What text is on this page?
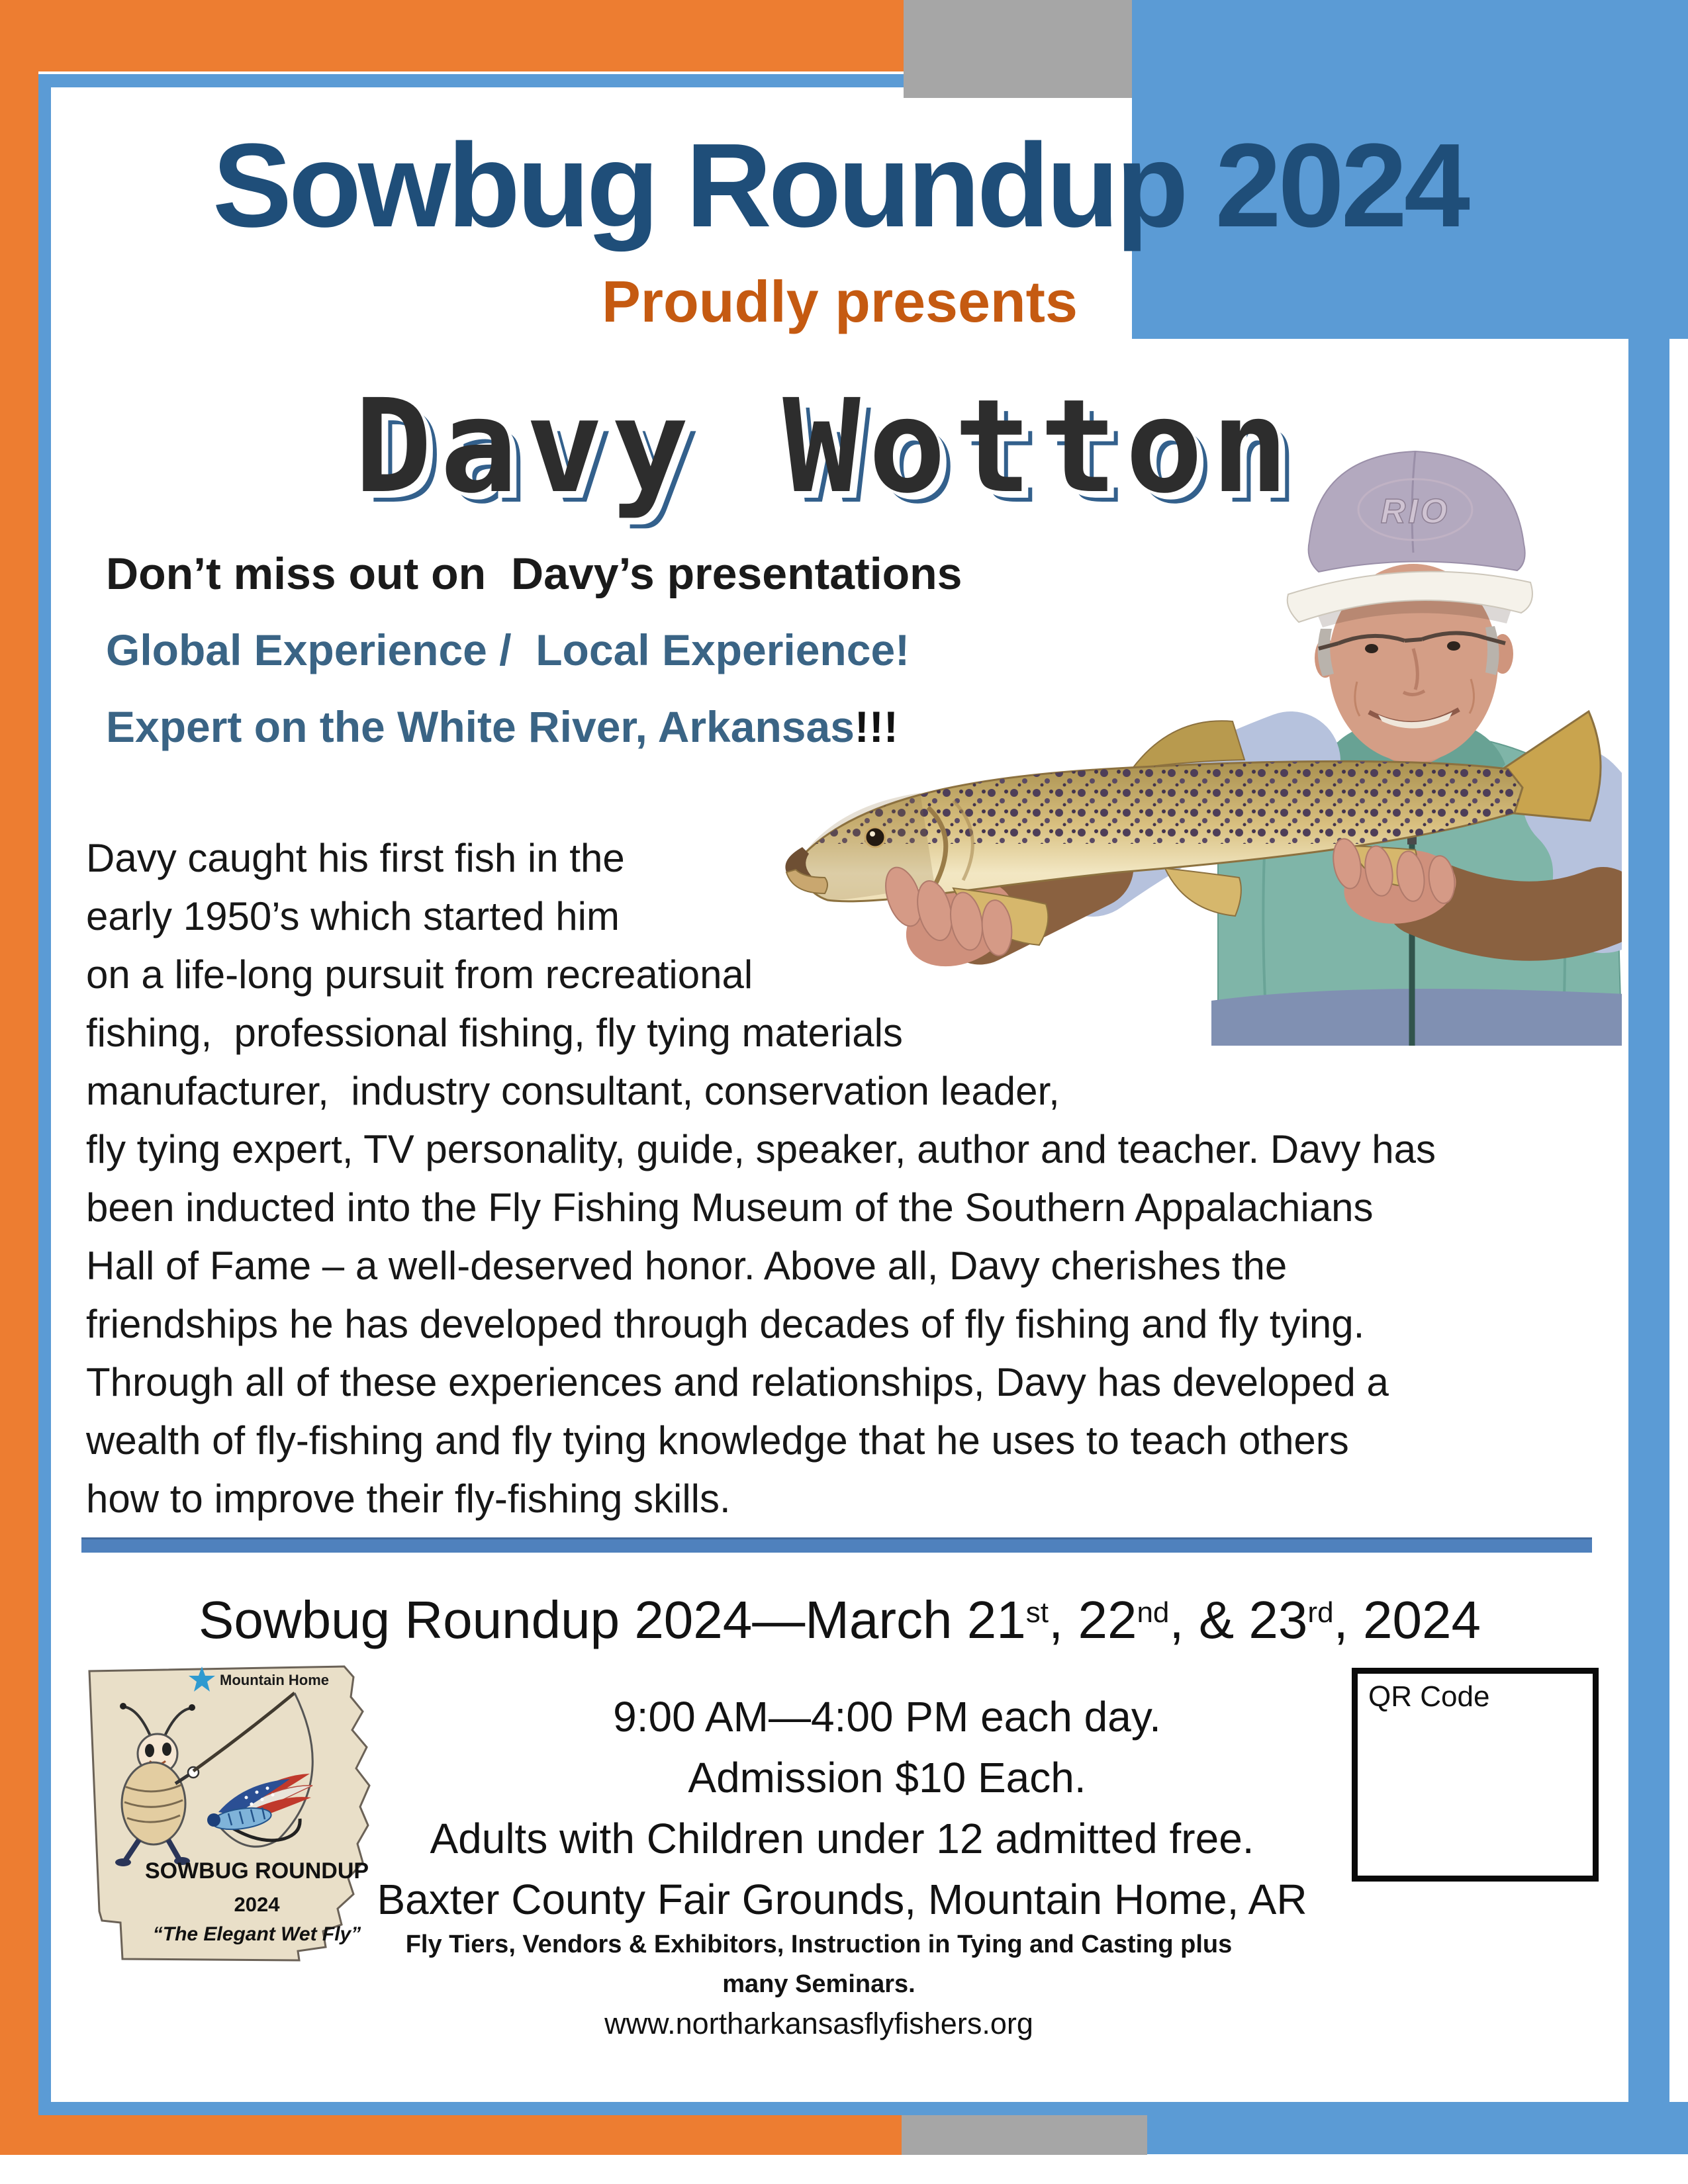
Sowbug Roundup 2024
Proudly presents
Davy Wotton
Don’t miss out on  Davy’s presentations
Global Experience /  Local Experience!
Expert on the White River, Arkansas!!!
RIO
Davy caught his first fish in the
early 1950’s which started him
on a life-long pursuit from recreational
fishing,  professional fishing, fly tying materials
manufacturer,  industry consultant, conservation leader,
fly tying expert, TV personality, guide, speaker, author and teacher. Davy has
been inducted into the Fly Fishing Museum of the Southern Appalachians
Hall of Fame – a well-deserved honor. Above all, Davy cherishes the
friendships he has developed through decades of fly fishing and fly tying.
Through all of these experiences and relationships, Davy has developed a
wealth of fly-fishing and fly tying knowledge that he uses to teach others
how to improve their fly-fishing skills.
Sowbug Roundup 2024—March 21st, 22nd, & 23rd, 2024
Mountain Home
SOWBUG ROUNDUP
2024
“The Elegant Wet Fly”
9:00 AM—4:00 PM each day.
Admission $10 Each.
Adults with Children under 12 admitted free.
Baxter County Fair Grounds, Mountain Home, AR
Fly Tiers, Vendors & Exhibitors, Instruction in Tying and Casting plus
many Seminars.
www.northarkansasflyfishers.org
QR Code
